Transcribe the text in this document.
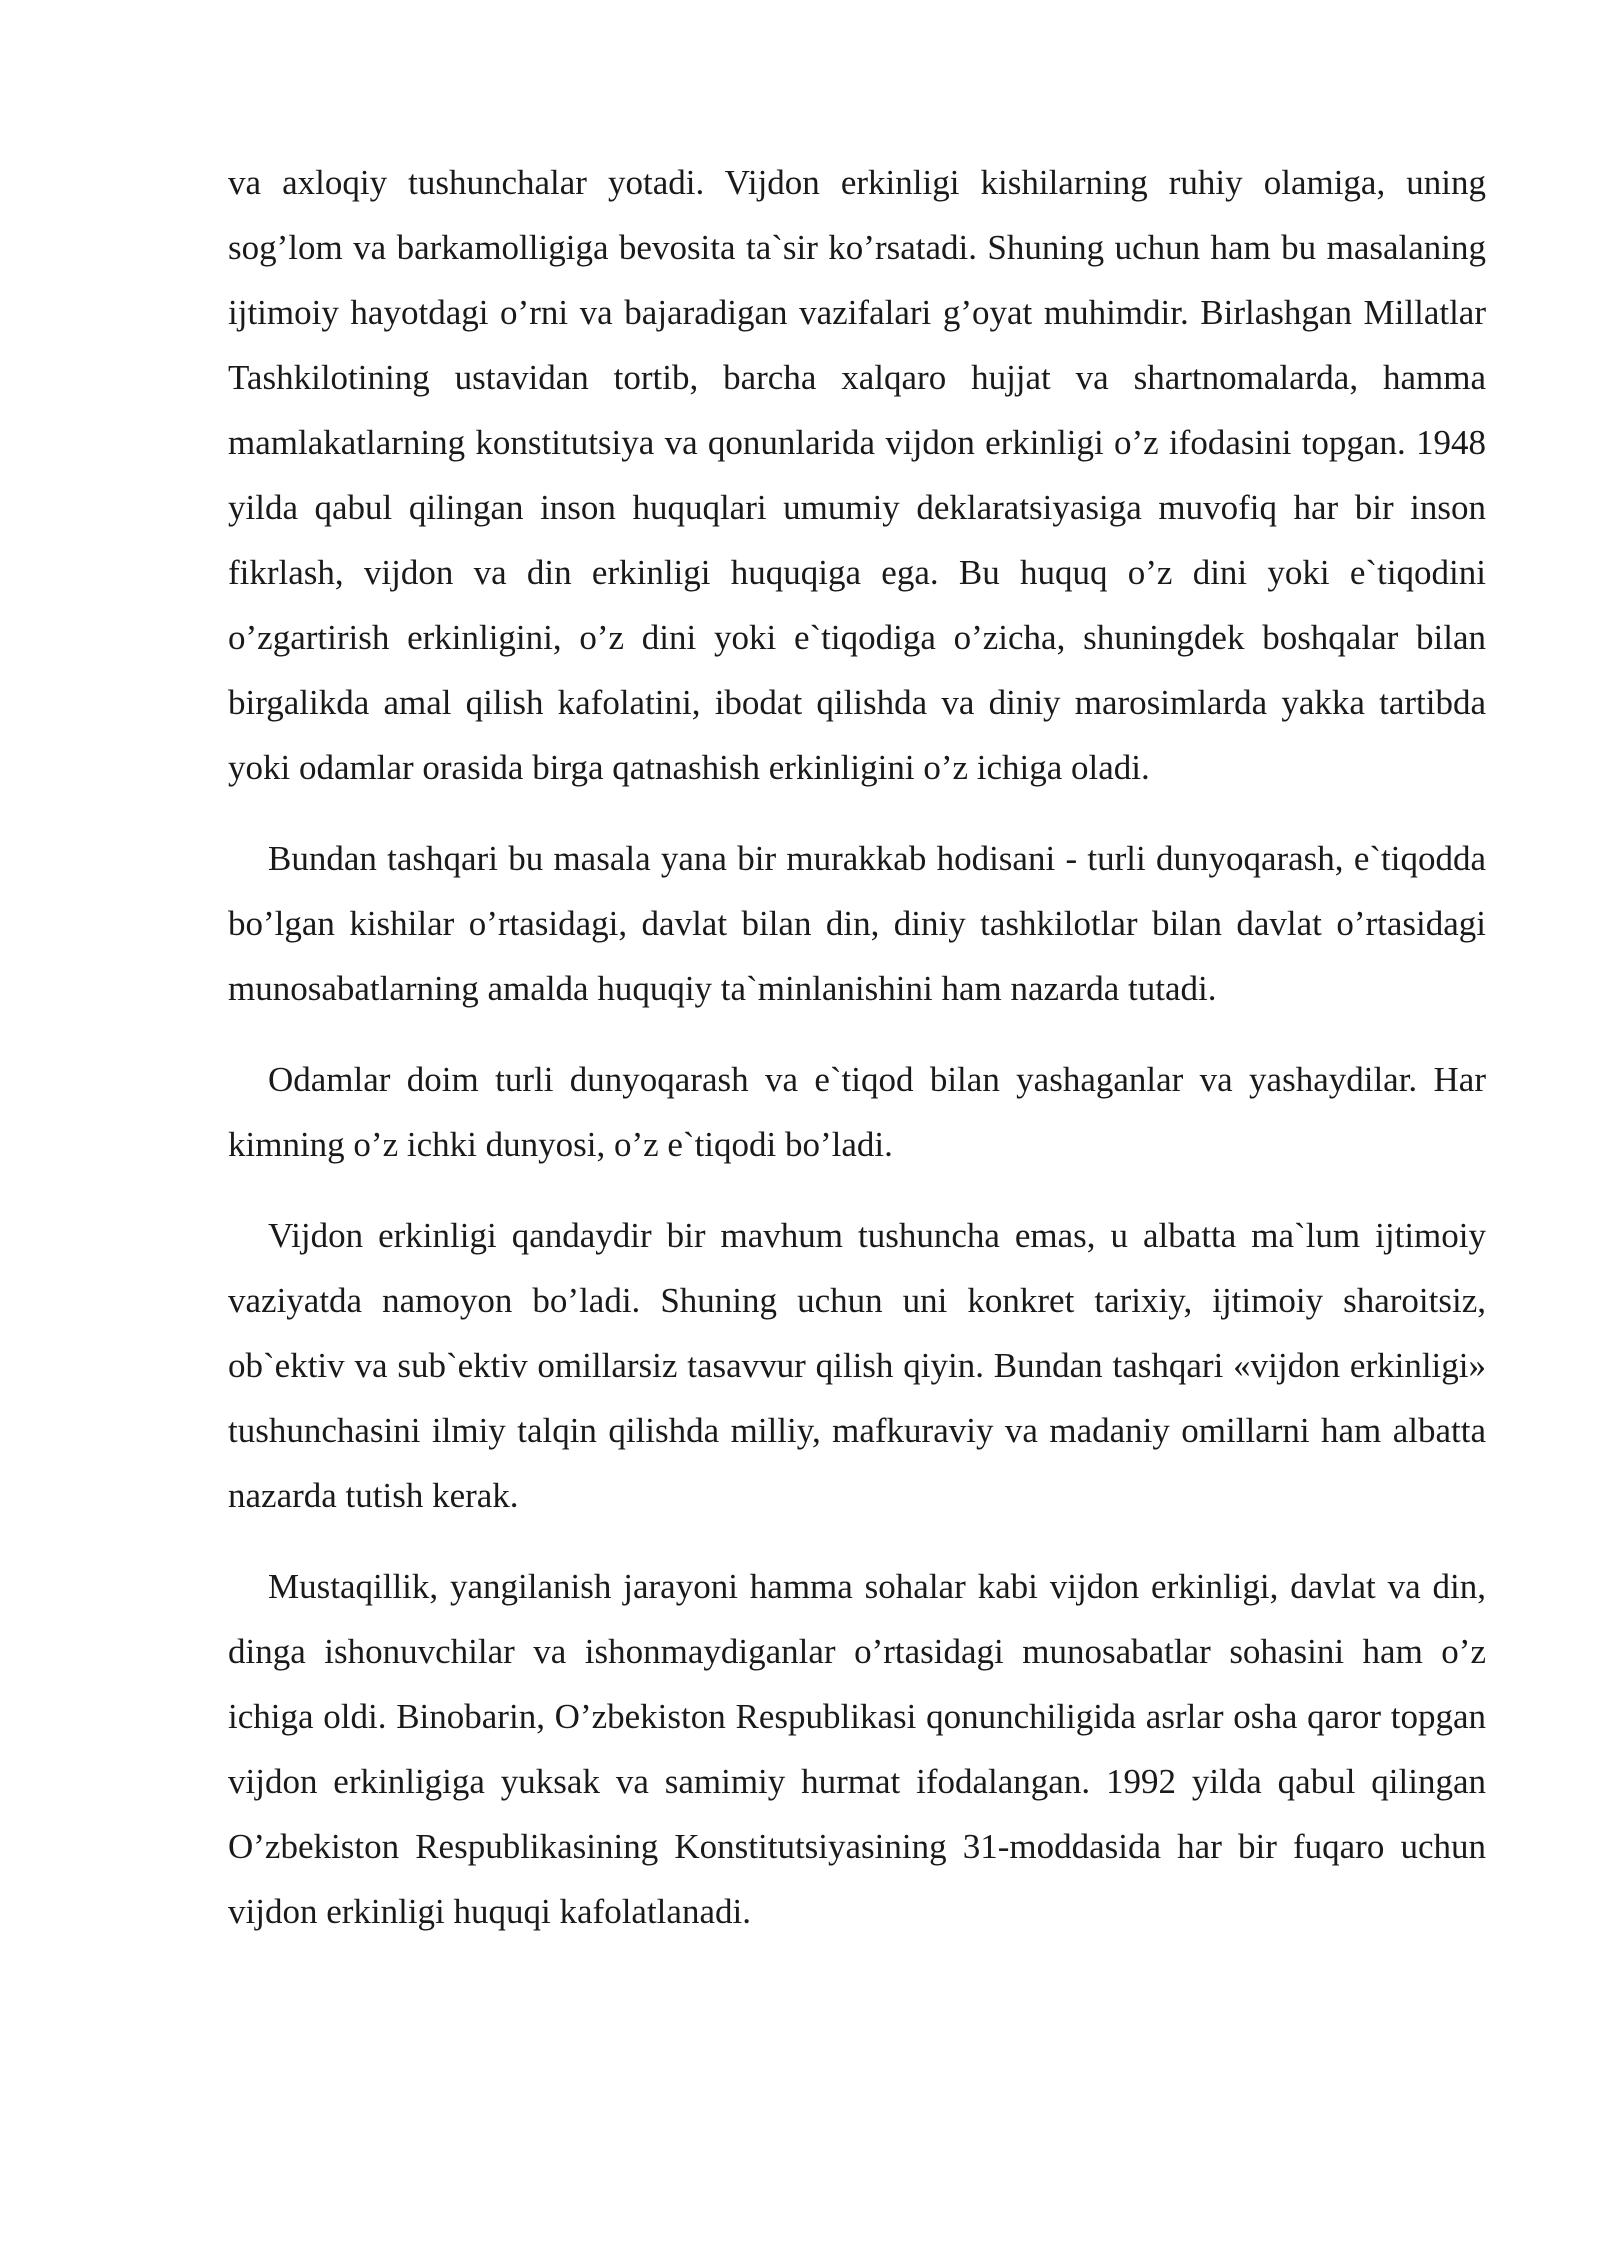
va axloqiy tushunchalar yotadi. Vijdon erkinligi kishilarning ruhiy olamiga, uning sog’lom va barkamolligiga bevosita ta`sir ko’rsatadi. Shuning uchun ham bu masalaning ijtimoiy hayotdagi o’rni va bajaradigan vazifalari g’oyat muhimdir. Birlashgan Millatlar Tashkilotining ustavidan tortib, barcha xalqaro hujjat va shartnomalarda, hamma mamlakatlarning konstitutsiya va qonunlarida vijdon erkinligi o’z ifodasini topgan. 1948 yilda qabul qilingan inson huquqlari umumiy deklaratsiyasiga muvofiq har bir inson fikrlash, vijdon va din erkinligi huquqiga ega. Bu huquq o’z dini yoki e`tiqodini o’zgartirish erkinligini, o’z dini yoki e`tiqodiga o’zicha, shuningdek boshqalar bilan birgalikda amal qilish kafolatini, ibodat qilishda va diniy marosimlarda yakka tartibda yoki odamlar orasida birga qatnashish erkinligini o’z ichiga oladi.

Bundan tashqari bu masala yana bir murakkab hodisani - turli dunyoqarash, e`tiqodda bo’lgan kishilar o’rtasidagi, davlat bilan din, diniy tashkilotlar bilan davlat o’rtasidagi munosabatlarning amalda huquqiy ta`minlanishini ham nazarda tutadi.

Odamlar doim turli dunyoqarash va e`tiqod bilan yashaganlar va yashaydilar. Har kimning o’z ichki dunyosi, o’z e`tiqodi bo’ladi.

Vijdon erkinligi qandaydir bir mavhum tushuncha emas, u albatta ma`lum ijtimoiy vaziyatda namoyon bo’ladi. Shuning uchun uni konkret tarixiy, ijtimoiy sharoitsiz, ob`ektiv va sub`ektiv omillarsiz tasavvur qilish qiyin. Bundan tashqari «vijdon erkinligi» tushunchasini ilmiy talqin qilishda milliy, mafkuraviy va madaniy omillarni ham albatta nazarda tutish kerak.

Mustaqillik, yangilanish jarayoni hamma sohalar kabi vijdon erkinligi, davlat va din, dinga ishonuvchilar va ishonmaydiganlar o’rtasidagi munosabatlar sohasini ham o’z ichiga oldi. Binobarin, O’zbekiston Respublikasi qonunchiligida asrlar osha qaror topgan vijdon erkinligiga yuksak va samimiy hurmat ifodalangan. 1992 yilda qabul qilingan O’zbekiston Respublikasining Konstitutsiyasining 31-moddasida har bir fuqaro uchun vijdon erkinligi huquqi kafolatlanadi.
